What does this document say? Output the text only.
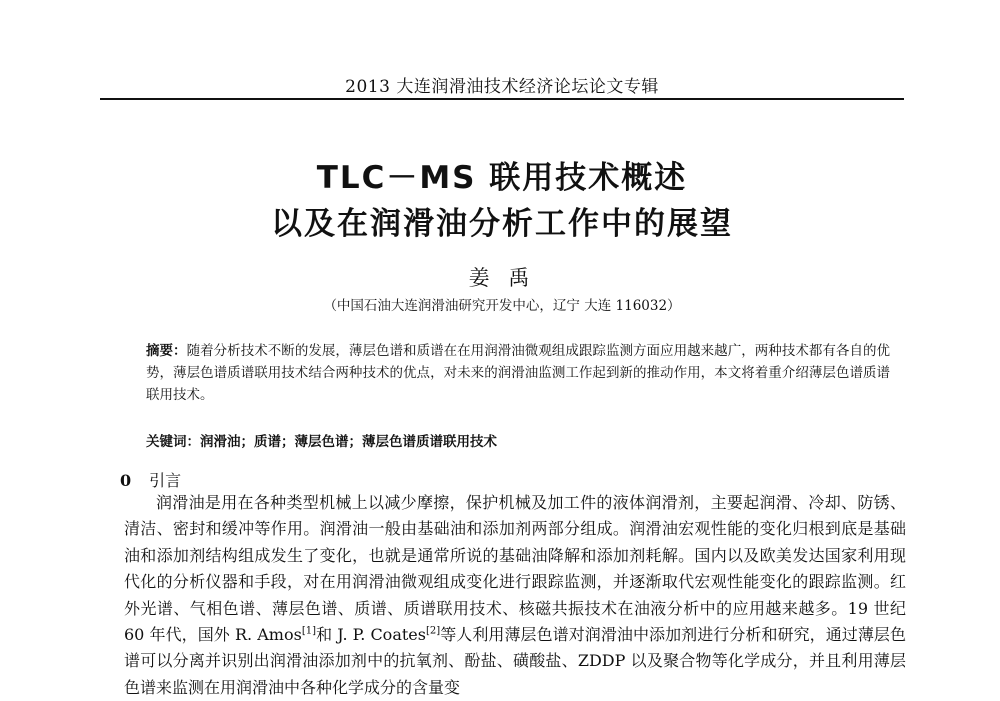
2013 大连润滑油技术经济论坛论文专辑
TLC－MS 联用技术概述
以及在润滑油分析工作中的展望
姜 禹
（中国石油大连润滑油研究开发中心，辽宁 大连 116032）
摘要：随着分析技术不断的发展，薄层色谱和质谱在在用润滑油微观组成跟踪监测方面应用越来越广，两种技术都有各自的优势，薄层色谱质谱联用技术结合两种技术的优点，对未来的润滑油监测工作起到新的推动作用，本文将着重介绍薄层色谱质谱联用技术。
关键词：润滑油；质谱；薄层色谱；薄层色谱质谱联用技术
0 引言

润滑油是用在各种类型机械上以减少摩擦，保护机械及加工件的液体润滑剂，主要起润滑、冷却、防锈、清洁、密封和缓冲等作用。润滑油一般由基础油和添加剂两部分组成。润滑油宏观性能的变化归根到底是基础油和添加剂结构组成发生了变化，也就是通常所说的基础油降解和添加剂耗解。国内以及欧美发达国家利用现代化的分析仪器和手段，对在用润滑油微观组成变化进行跟踪监测，并逐渐取代宏观性能变化的跟踪监测。红外光谱、气相色谱、薄层色谱、质谱、质谱联用技术、核磁共振技术在油液分析中的应用越来越多。19 世纪 60 年代，国外 R. Amos[1]和 J. P. Coates[2]等人利用薄层色谱对润滑油中添加剂进行分析和研究，通过薄层色谱可以分离并识别出润滑油添加剂中的抗氧剂、酚盐、磺酸盐、ZDDP 以及聚合物等化学成分，并且利用薄层色谱来监测在用润滑油中各种化学成分的含量变
